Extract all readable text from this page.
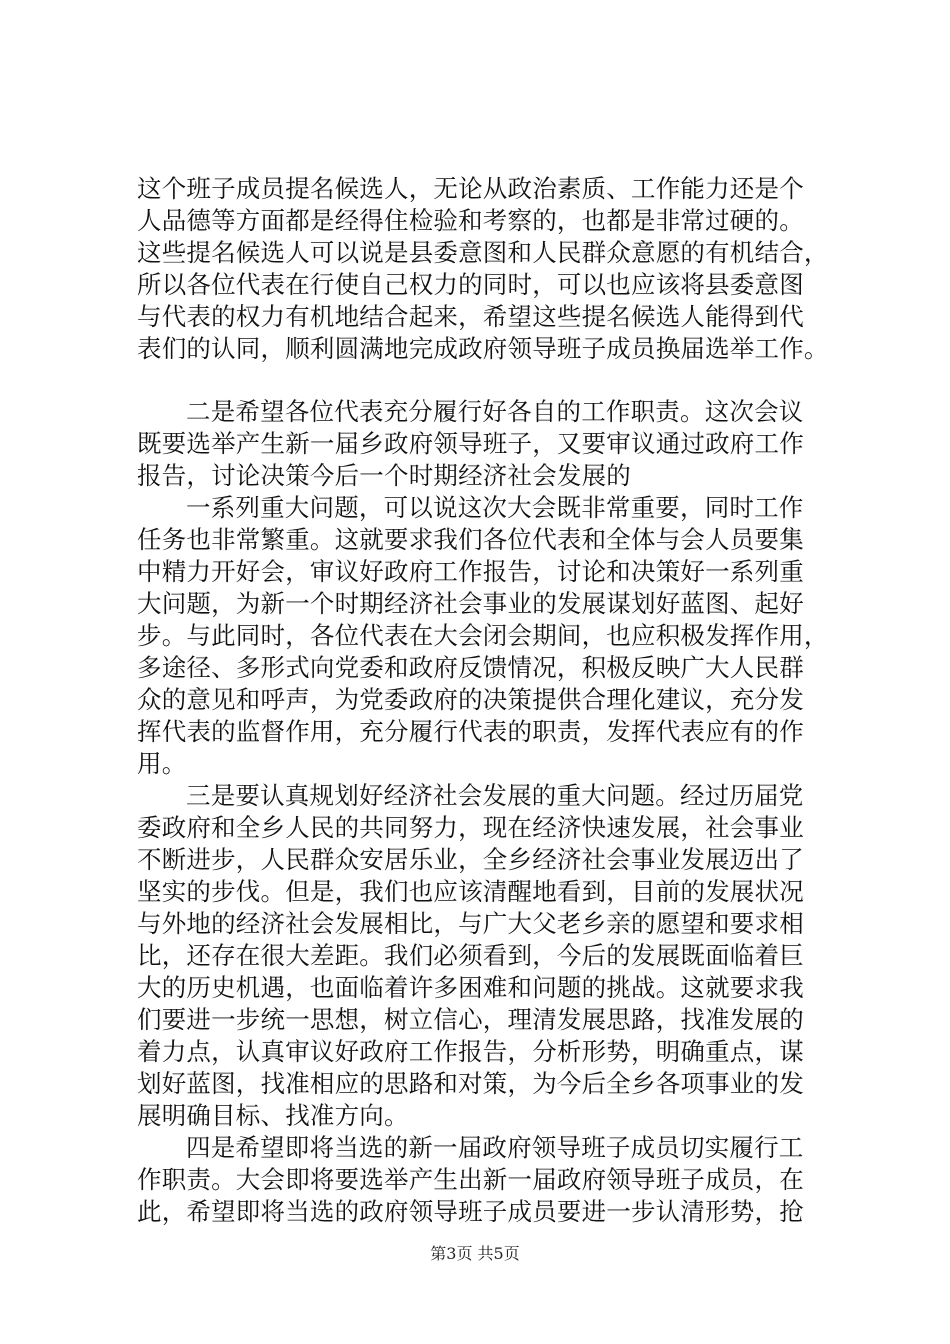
这个班子成员提名候选人，无论从政治素质、工作能力还是个
人品德等方面都是经得住检验和考察的，也都是非常过硬的。
这些提名候选人可以说是县委意图和人民群众意愿的有机结合，
所以各位代表在行使自己权力的同时，可以也应该将县委意图
与代表的权力有机地结合起来，希望这些提名候选人能得到代
表们的认同，顺利圆满地完成政府领导班子成员换届选举工作。
二是希望各位代表充分履行好各自的工作职责。这次会议
既要选举产生新一届乡政府领导班子，又要审议通过政府工作
报告，讨论决策今后一个时期经济社会发展的
一系列重大问题，可以说这次大会既非常重要，同时工作
任务也非常繁重。这就要求我们各位代表和全体与会人员要集
中精力开好会，审议好政府工作报告，讨论和决策好一系列重
大问题，为新一个时期经济社会事业的发展谋划好蓝图、起好
步。与此同时，各位代表在大会闭会期间，也应积极发挥作用，
多途径、多形式向党委和政府反馈情况，积极反映广大人民群
众的意见和呼声，为党委政府的决策提供合理化建议，充分发
挥代表的监督作用，充分履行代表的职责，发挥代表应有的作
用。
三是要认真规划好经济社会发展的重大问题。经过历届党
委政府和全乡人民的共同努力，现在经济快速发展，社会事业
不断进步，人民群众安居乐业，全乡经济社会事业发展迈出了
坚实的步伐。但是，我们也应该清醒地看到，目前的发展状况
与外地的经济社会发展相比，与广大父老乡亲的愿望和要求相
比，还存在很大差距。我们必须看到，今后的发展既面临着巨
大的历史机遇，也面临着许多困难和问题的挑战。这就要求我
们要进一步统一思想，树立信心，理清发展思路，找准发展的
着力点，认真审议好政府工作报告，分析形势，明确重点，谋
划好蓝图，找准相应的思路和对策，为今后全乡各项事业的发
展明确目标、找准方向。
四是希望即将当选的新一届政府领导班子成员切实履行工
作职责。大会即将要选举产生出新一届政府领导班子成员，在
此，希望即将当选的政府领导班子成员要进一步认清形势，抢
第3页 共5页
